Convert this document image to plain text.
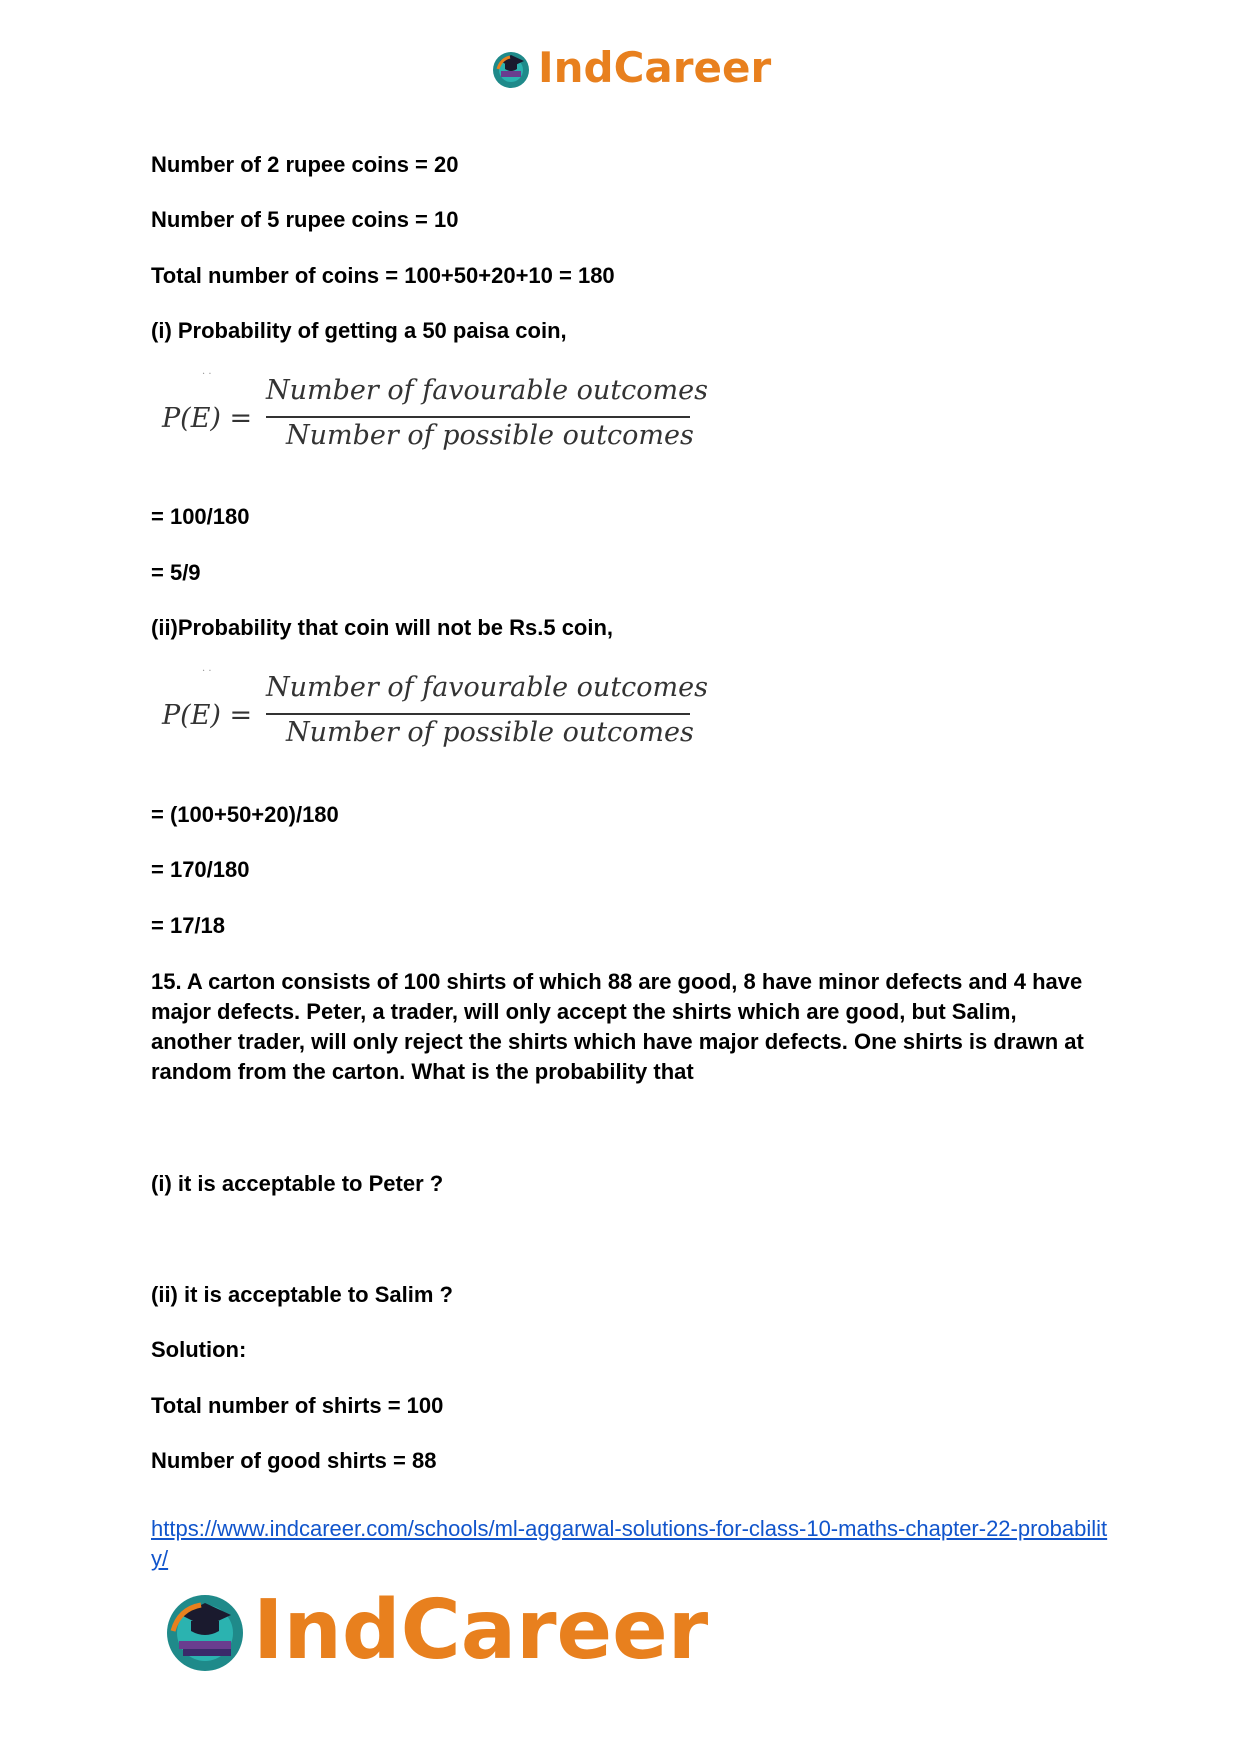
IndCareer
Number of 2 rupee coins = 20
Number of 5 rupee coins = 10
Total number of coins = 100+50+20+10 = 180
(i) Probability of getting a 50 paisa coin,
· ·
P(E) =
Number of favourable outcomes
Number of possible outcomes
= 100/180
= 5/9
(ii)Probability that coin will not be Rs.5 coin,
· ·
P(E) =
Number of favourable outcomes
Number of possible outcomes
= (100+50+20)/180
= 170/180
= 17/18
15. A carton consists of 100 shirts of which 88 are good, 8 have minor defects and 4 have major defects. Peter, a trader, will only accept the shirts which are good, but Salim, another trader, will only reject the shirts which have major defects. One shirts is drawn at random from the carton. What is the probability that
(i) it is acceptable to Peter ?
(ii) it is acceptable to Salim ?
Solution:
Total number of shirts = 100
Number of good shirts = 88
https://www.indcareer.com/schools/ml-aggarwal-solutions-for-class-10-maths-chapter-22-probability/
IndCareer
